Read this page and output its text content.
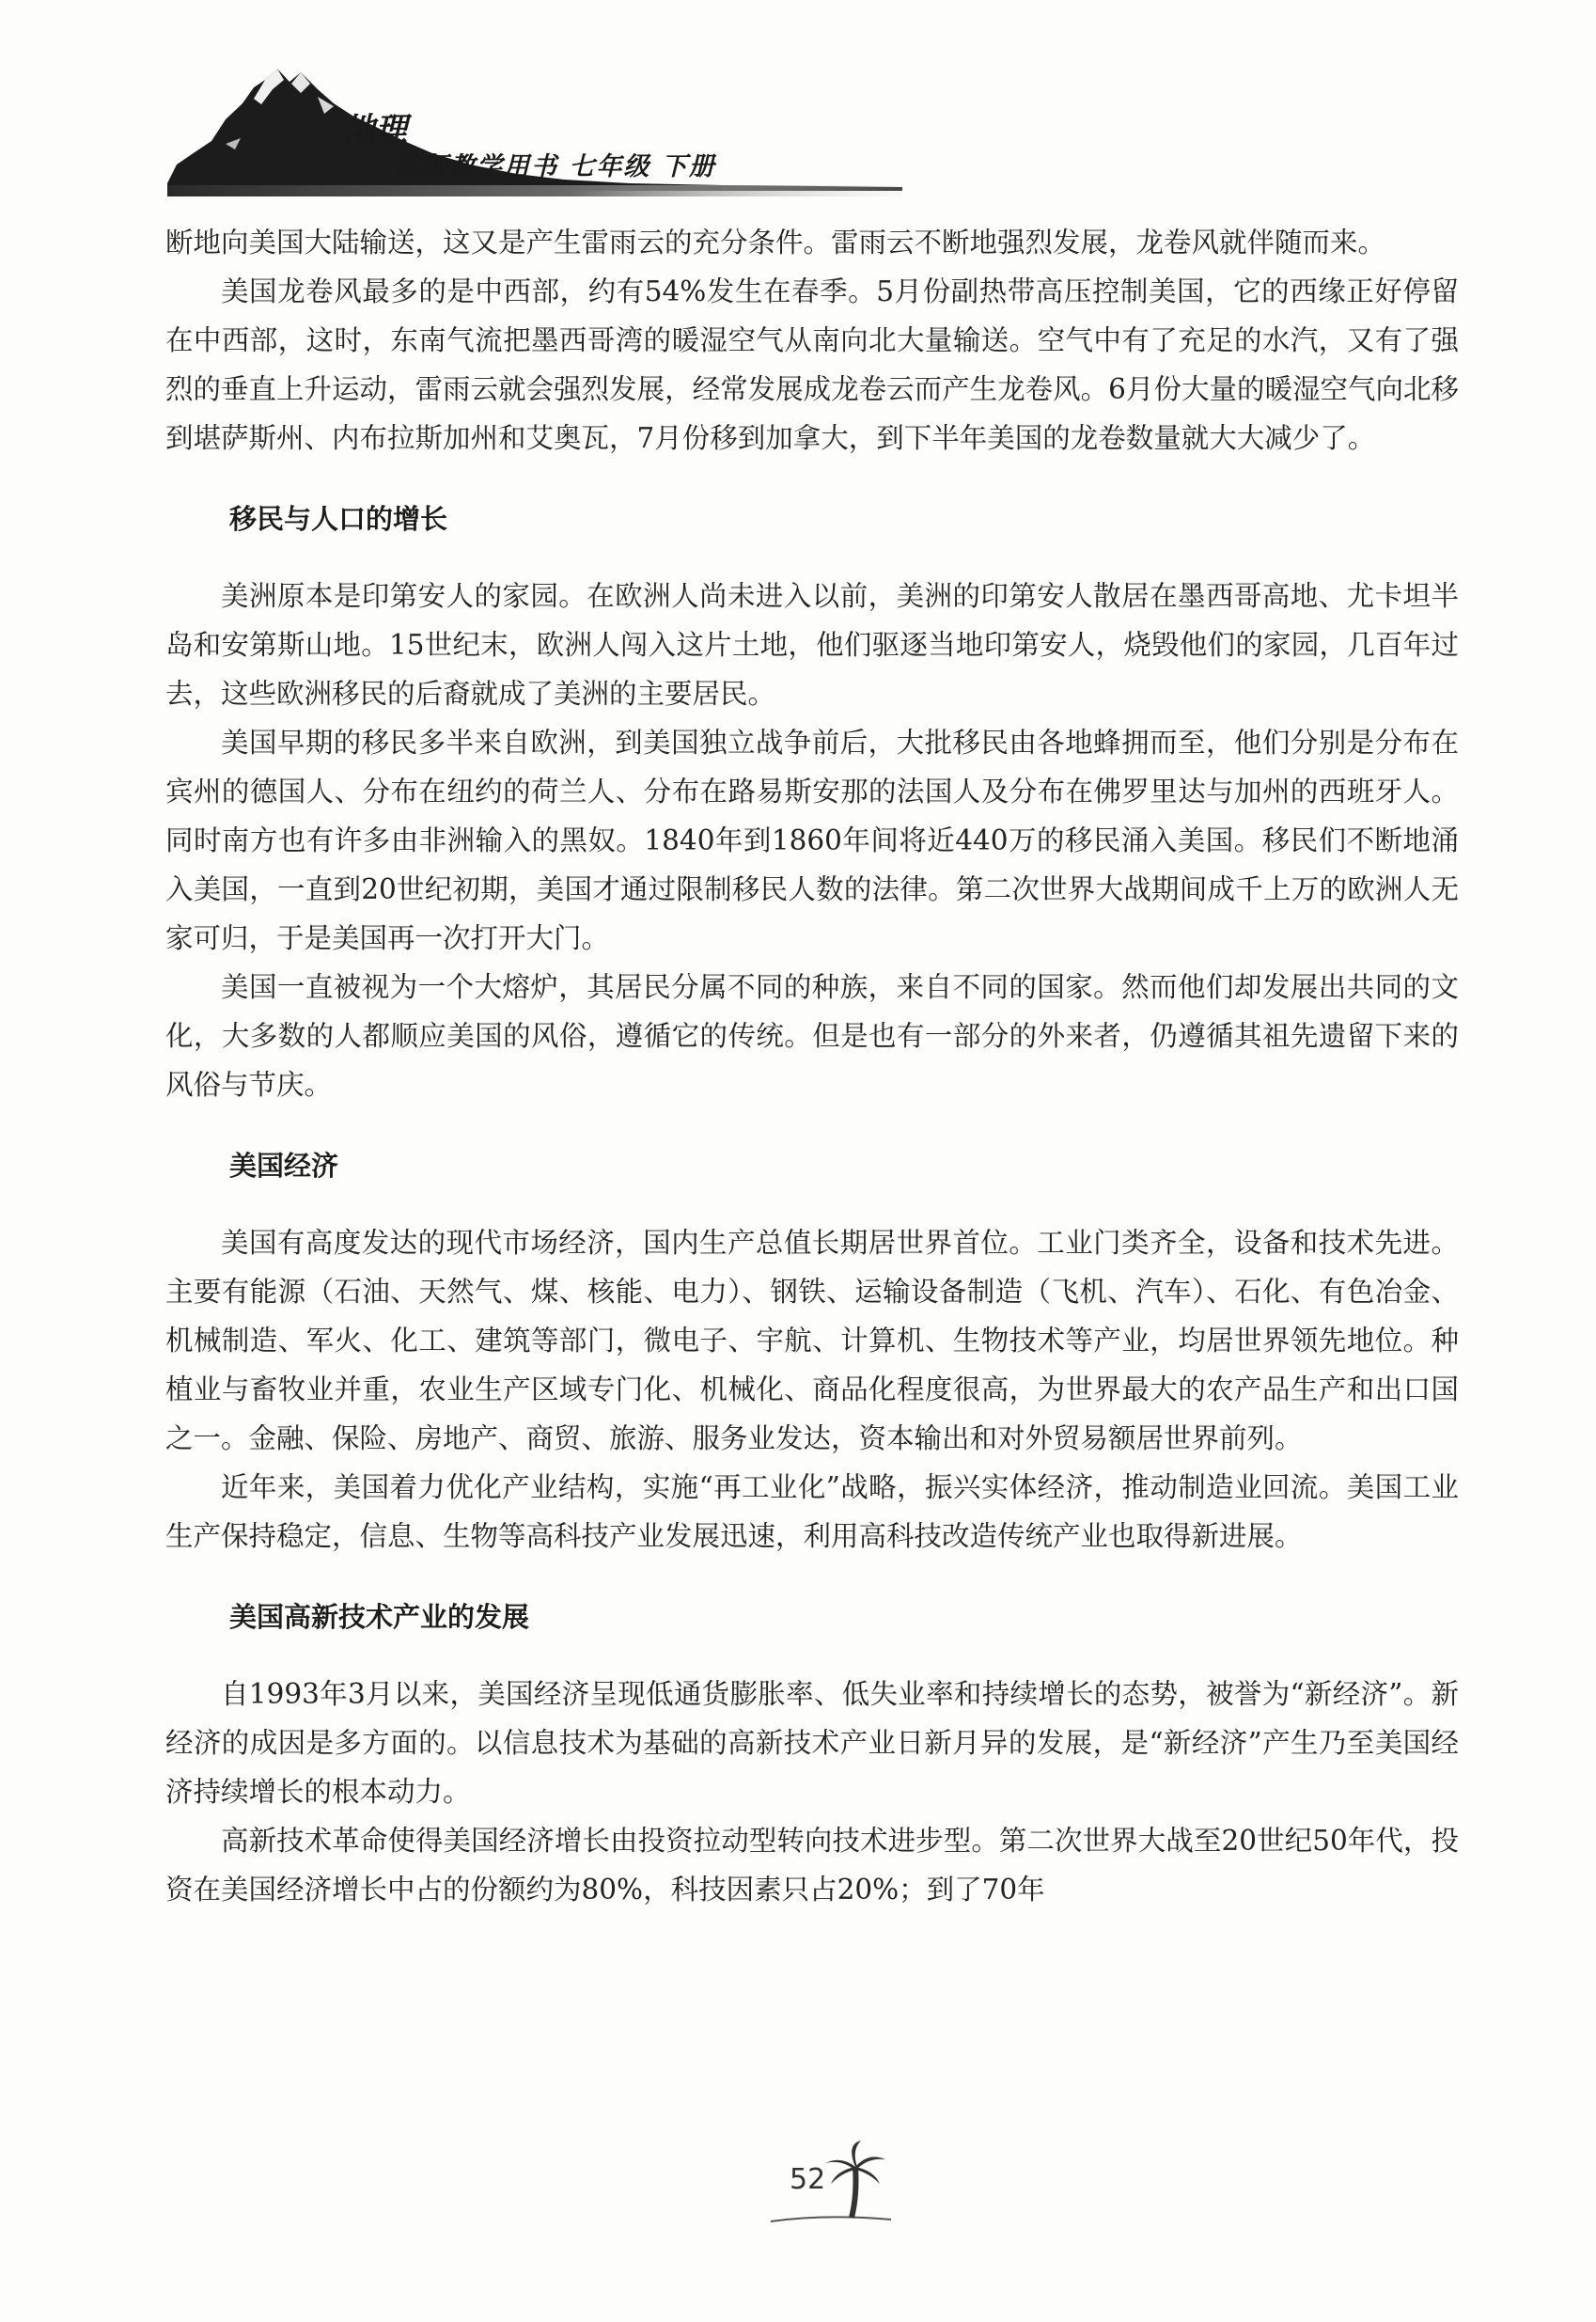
地理
教师教学用书 七年级 下册

断地向美国大陆输送，这又是产生雷雨云的充分条件。雷雨云不断地强烈发展，龙卷风就伴随而来。

美国龙卷风最多的是中西部，约有54%发生在春季。5月份副热带高压控制美国，它的西缘正好停留在中西部，这时，东南气流把墨西哥湾的暖湿空气从南向北大量输送。空气中有了充足的水汽，又有了强烈的垂直上升运动，雷雨云就会强烈发展，经常发展成龙卷云而产生龙卷风。6月份大量的暖湿空气向北移到堪萨斯州、内布拉斯加州和艾奥瓦，7月份移到加拿大，到下半年美国的龙卷数量就大大减少了。

移民与人口的增长

美洲原本是印第安人的家园。在欧洲人尚未进入以前，美洲的印第安人散居在墨西哥高地、尤卡坦半岛和安第斯山地。15世纪末，欧洲人闯入这片土地，他们驱逐当地印第安人，烧毁他们的家园，几百年过去，这些欧洲移民的后裔就成了美洲的主要居民。

美国早期的移民多半来自欧洲，到美国独立战争前后，大批移民由各地蜂拥而至，他们分别是分布在宾州的德国人、分布在纽约的荷兰人、分布在路易斯安那的法国人及分布在佛罗里达与加州的西班牙人。同时南方也有许多由非洲输入的黑奴。1840年到1860年间将近440万的移民涌入美国。移民们不断地涌入美国，一直到20世纪初期，美国才通过限制移民人数的法律。第二次世界大战期间成千上万的欧洲人无家可归，于是美国再一次打开大门。

美国一直被视为一个大熔炉，其居民分属不同的种族，来自不同的国家。然而他们却发展出共同的文化，大多数的人都顺应美国的风俗，遵循它的传统。但是也有一部分的外来者，仍遵循其祖先遗留下来的风俗与节庆。

美国经济

美国有高度发达的现代市场经济，国内生产总值长期居世界首位。工业门类齐全，设备和技术先进。主要有能源（石油、天然气、煤、核能、电力）、钢铁、运输设备制造（飞机、汽车）、石化、有色冶金、机械制造、军火、化工、建筑等部门，微电子、宇航、计算机、生物技术等产业，均居世界领先地位。种植业与畜牧业并重，农业生产区域专门化、机械化、商品化程度很高，为世界最大的农产品生产和出口国之一。金融、保险、房地产、商贸、旅游、服务业发达，资本输出和对外贸易额居世界前列。

近年来，美国着力优化产业结构，实施“再工业化”战略，振兴实体经济，推动制造业回流。美国工业生产保持稳定，信息、生物等高科技产业发展迅速，利用高科技改造传统产业也取得新进展。

美国高新技术产业的发展

自1993年3月以来，美国经济呈现低通货膨胀率、低失业率和持续增长的态势，被誉为“新经济”。新经济的成因是多方面的。以信息技术为基础的高新技术产业日新月异的发展，是“新经济”产生乃至美国经济持续增长的根本动力。

高新技术革命使得美国经济增长由投资拉动型转向技术进步型。第二次世界大战至20世纪50年代，投资在美国经济增长中占的份额约为80%，科技因素只占20%；到了70年

52
